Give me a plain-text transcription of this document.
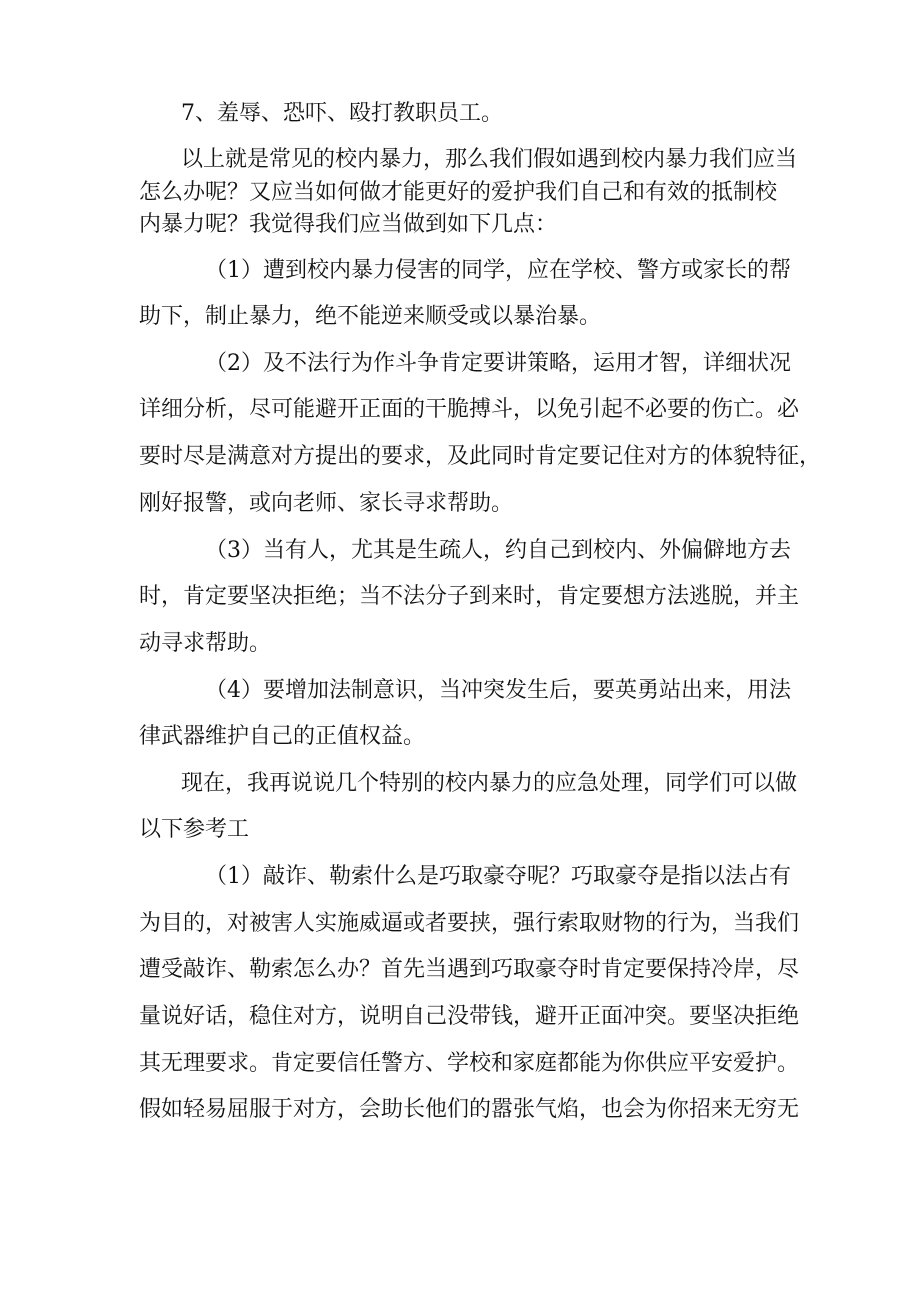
7、羞辱、恐吓、殴打教职员工。
以上就是常见的校内暴力，那么我们假如遇到校内暴力我们应当
怎么办呢？又应当如何做才能更好的爱护我们自己和有效的抵制校
内暴力呢？我觉得我们应当做到如下几点：
（1）遭到校内暴力侵害的同学，应在学校、警方或家长的帮
助下，制止暴力，绝不能逆来顺受或以暴治暴。
（2）及不法行为作斗争肯定要讲策略，运用才智，详细状况
详细分析，尽可能避开正面的干脆搏斗，以免引起不必要的伤亡。必
要时尽是满意对方提出的要求，及此同时肯定要记住对方的体貌特征，
刚好报警，或向老师、家长寻求帮助。
（3）当有人，尤其是生疏人，约自己到校内、外偏僻地方去
时，肯定要坚决拒绝；当不法分子到来时，肯定要想方法逃脱，并主
动寻求帮助。
（4）要增加法制意识，当冲突发生后，要英勇站出来，用法
律武器维护自己的正值权益。
现在，我再说说几个特别的校内暴力的应急处理，同学们可以做
以下参考工
（1）敲诈、勒索什么是巧取豪夺呢？巧取豪夺是指以法占有
为目的，对被害人实施威逼或者要挟，强行索取财物的行为，当我们
遭受敲诈、勒索怎么办？首先当遇到巧取豪夺时肯定要保持冷岸，尽
量说好话，稳住对方，说明自己没带钱，避开正面冲突。要坚决拒绝
其无理要求。肯定要信任警方、学校和家庭都能为你供应平安爱护。
假如轻易屈服于对方，会助长他们的嚣张气焰，也会为你招来无穷无
